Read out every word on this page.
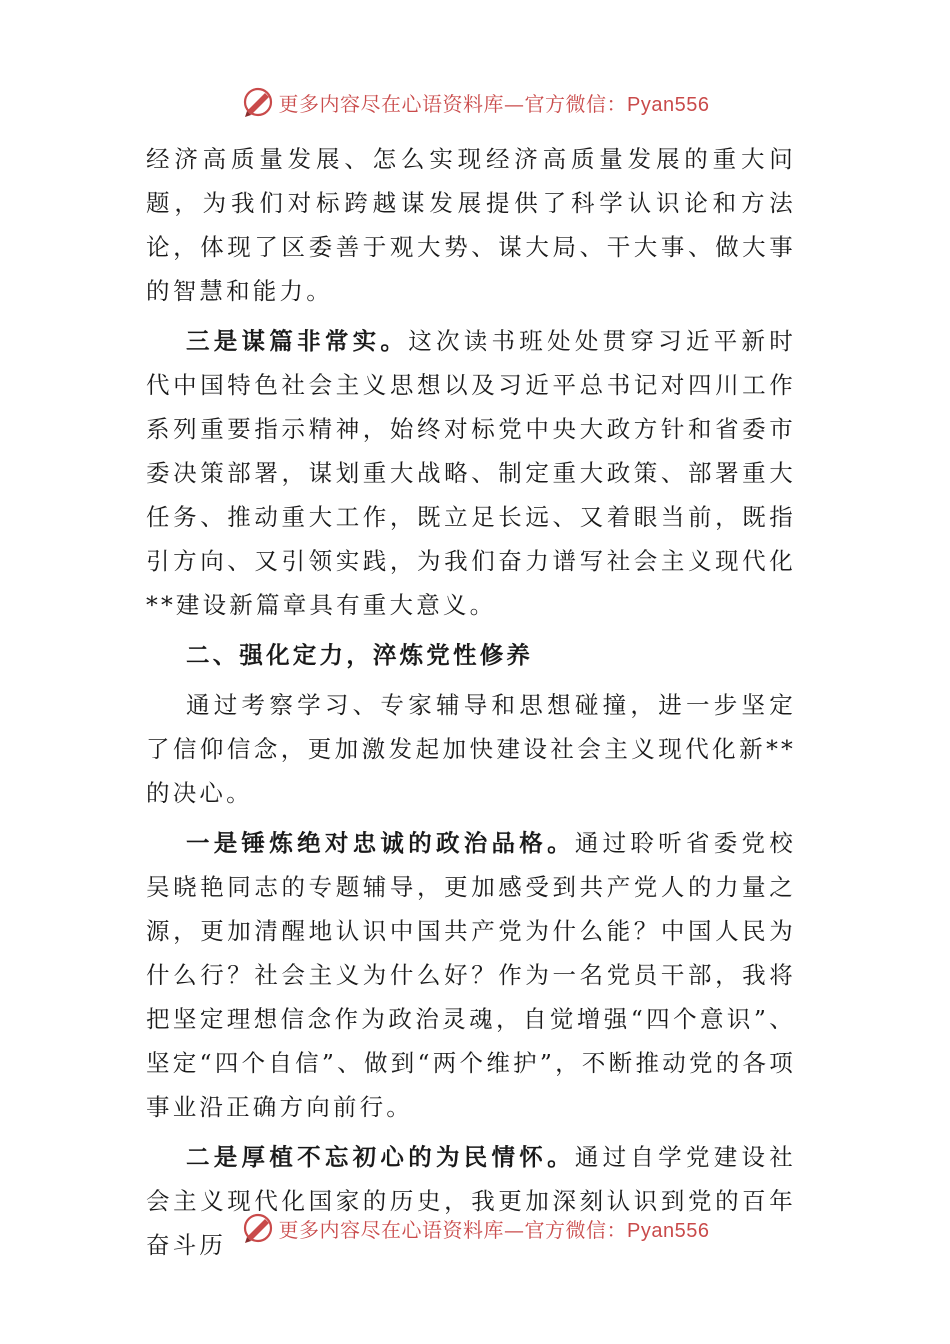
更多内容尽在心语资料库—官方微信：Pyan556

经济高质量发展、怎么实现经济高质量发展的重大问题，为我们对标跨越谋发展提供了科学认识论和方法论，体现了区委善于观大势、谋大局、干大事、做大事的智慧和能力。

三是谋篇非常实。这次读书班处处贯穿习近平新时代中国特色社会主义思想以及习近平总书记对四川工作系列重要指示精神，始终对标党中央大政方针和省委市委决策部署，谋划重大战略、制定重大政策、部署重大任务、推动重大工作，既立足长远、又着眼当前，既指引方向、又引领实践，为我们奋力谱写社会主义现代化**建设新篇章具有重大意义。

二、强化定力，淬炼党性修养

通过考察学习、专家辅导和思想碰撞，进一步坚定了信仰信念，更加激发起加快建设社会主义现代化新**的决心。

一是锤炼绝对忠诚的政治品格。通过聆听省委党校吴晓艳同志的专题辅导，更加感受到共产党人的力量之源，更加清醒地认识中国共产党为什么能？中国人民为什么行？社会主义为什么好？作为一名党员干部，我将把坚定理想信念作为政治灵魂，自觉增强“四个意识”、坚定“四个自信”、做到“两个维护”，不断推动党的各项事业沿正确方向前行。

二是厚植不忘初心的为民情怀。通过自学党建设社会主义现代化国家的历史，我更加深刻认识到党的百年奋斗历

更多内容尽在心语资料库—官方微信：Pyan556
